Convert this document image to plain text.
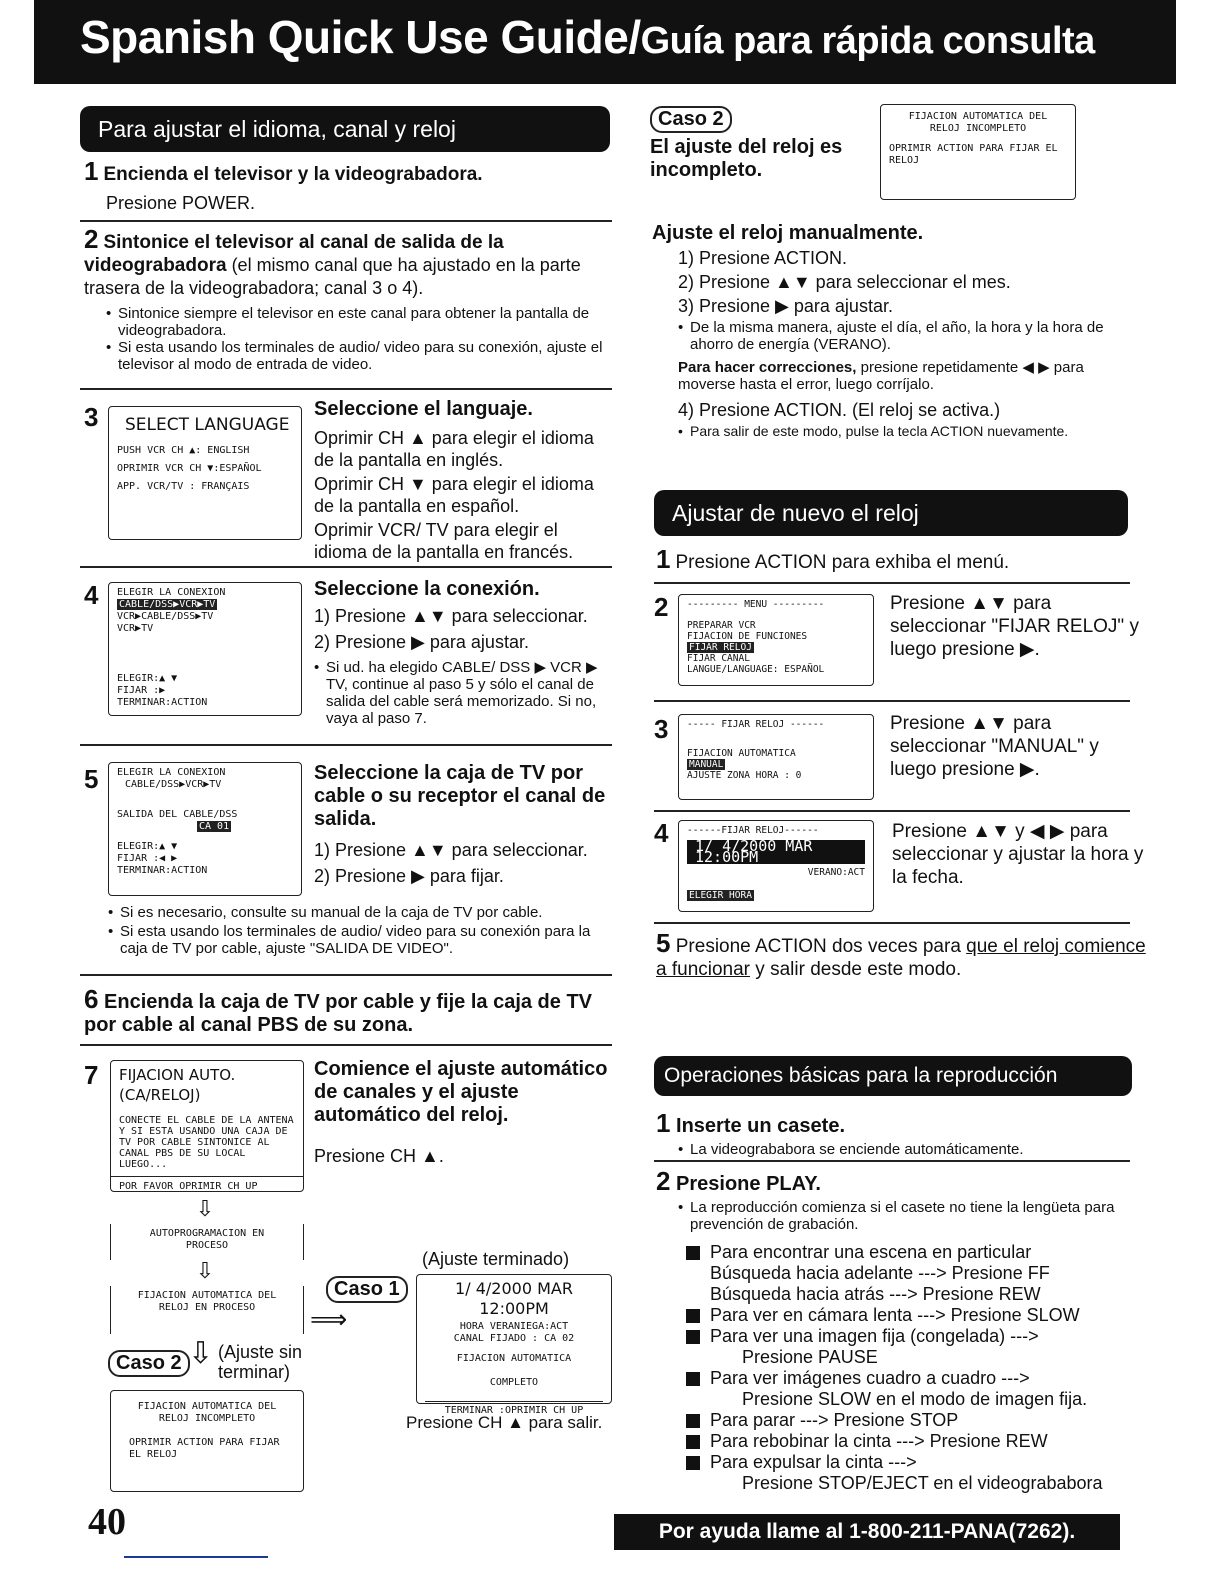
Spanish Quick Use Guide/Guía para rápida consulta
Para ajustar el idioma, canal y reloj
1 Encienda el televisor y la videograbadora.
Presione POWER.
2 Sintonice el televisor al canal de salida de la videograbadora (el mismo canal que ha ajustado en la parte trasera de la videograbadora; canal 3 o 4).
• Sintonice siempre el televisor en este canal para obtener la pantalla de videograbadora.
• Si esta usando los terminales de audio/ video para su conexión, ajuste el televisor al modo de entrada de video.
3 SELECT LANGUAGE
PUSH VCR CH ▲: ENGLISH
OPRIMIR VCR CH ▼:ESPAÑOL
APP. VCR/TV : FRANÇAIS
Seleccione el languaje.
Oprimir CH ▲ para elegir el idioma de la pantalla en inglés.
Oprimir CH ▼ para elegir el idioma de la pantalla en español.
Oprimir VCR/ TV para elegir el idioma de la pantalla en francés.
4 ELEGIR LA CONEXION
CABLE/DSS▶VCR▶TV
VCR▶CABLE/DSS▶TV
VCR▶TV
ELEGIR:▲ ▼
FIJAR :▶
TERMINAR:ACTION
Seleccione la conexión.
1) Presione ▲▼ para seleccionar.
2) Presione ▶ para ajustar.
• Si ud. ha elegido CABLE/ DSS ▶ VCR ▶ TV, continue al paso 5 y sólo el canal de salida del cable será memorizado. Si no, vaya al paso 7.
5 ELEGIR LA CONEXION
CABLE/DSS▶VCR▶TV
SALIDA DEL CABLE/DSS
CA 01
ELEGIR:▲ ▼
FIJAR :◀ ▶
TERMINAR:ACTION
Seleccione la caja de TV por cable o su receptor el canal de salida.
1) Presione ▲▼ para seleccionar.
2) Presione ▶ para fijar.
• Si es necesario, consulte su manual de la caja de TV por cable.
• Si esta usando los terminales de audio/ video para su conexión para la caja de TV por cable, ajuste "SALIDA DE VIDEO".
6 Encienda la caja de TV por cable y fije la caja de TV por cable al canal PBS de su zona.
7 FIJACION AUTO. (CA/RELOJ)
CONECTE EL CABLE DE LA ANTENA Y SI ESTA USANDO UNA CAJA DE TV POR CABLE SINTONICE AL CANAL PBS DE SU LOCAL LUEGO...
POR FAVOR OPRIMIR CH UP
Comience el ajuste automático de canales y el ajuste automático del reloj.
Presione CH ▲.
⇩
AUTOPROGRAMACION EN PROCESO
⇩
FIJACION AUTOMATICA DEL RELOJ EN PROCESO
Caso 2 ⇩ (Ajuste sin terminar)
FIJACION AUTOMATICA DEL RELOJ INCOMPLETO
OPRIMIR ACTION PARA FIJAR EL RELOJ
Caso 1
⟹
(Ajuste terminado)
1/ 4/2000 MAR 12:00PM
HORA VERANIEGA:ACT
CANAL FIJADO : CA 02
FIJACION AUTOMATICA
COMPLETO
TERMINAR :OPRIMIR CH UP
Presione CH ▲ para salir.
40
Caso 2
El ajuste del reloj es incompleto.
FIJACION AUTOMATICA DEL RELOJ INCOMPLETO
OPRIMIR ACTION PARA FIJAR EL RELOJ
Ajuste el reloj manualmente.
1) Presione ACTION.
2) Presione ▲▼ para seleccionar el mes.
3) Presione ▶ para ajustar.
• De la misma manera, ajuste el día, el año, la hora y la hora de ahorro de energía (VERANO).
Para hacer correcciones, presione repetidamente ◀ ▶ para moverse hasta el error, luego corríjalo.
4) Presione ACTION. (El reloj se activa.)
• Para salir de este modo, pulse la tecla ACTION nuevamente.
Ajustar de nuevo el reloj
1 Presione ACTION para exhiba el menú.
2 --------- MENU ---------
PREPARAR VCR
FIJACION DE FUNCIONES
FIJAR RELOJ
FIJAR CANAL
LANGUE/LANGUAGE: ESPAÑOL
Presione ▲▼ para seleccionar "FIJAR RELOJ" y luego presione ▶.
3 ----- FIJAR RELOJ ------
FIJACION AUTOMATICA
MANUAL
AJUSTE ZONA HORA : 0
Presione ▲▼ para seleccionar "MANUAL" y luego presione ▶.
4 ------FIJAR RELOJ------
1/ 4/2000 MAR 12:00PM
VERANO:ACT
ELEGIR HORA
Presione ▲▼ y ◀ ▶ para seleccionar y ajustar la hora y la fecha.
5 Presione ACTION dos veces para que el reloj comience a funcionar y salir desde este modo.
Operaciones básicas para la reproducción
1 Inserte un casete.
• La videogrababora se enciende automáticamente.
2 Presione PLAY.
• La reproducción comienza si el casete no tiene la lengüeta para prevención de grabación.
Para encontrar una escena en particular
Búsqueda hacia adelante ---> Presione FF
Búsqueda hacia atrás ---> Presione REW
Para ver en cámara lenta ---> Presione SLOW
Para ver una imagen fija (congelada) --->
Presione PAUSE
Para ver imágenes cuadro a cuadro --->
Presione SLOW en el modo de imagen fija.
Para parar ---> Presione STOP
Para rebobinar la cinta ---> Presione REW
Para expulsar la cinta --->
Presione STOP/EJECT en el videogrababora
Por ayuda llame al 1-800-211-PANA(7262).
